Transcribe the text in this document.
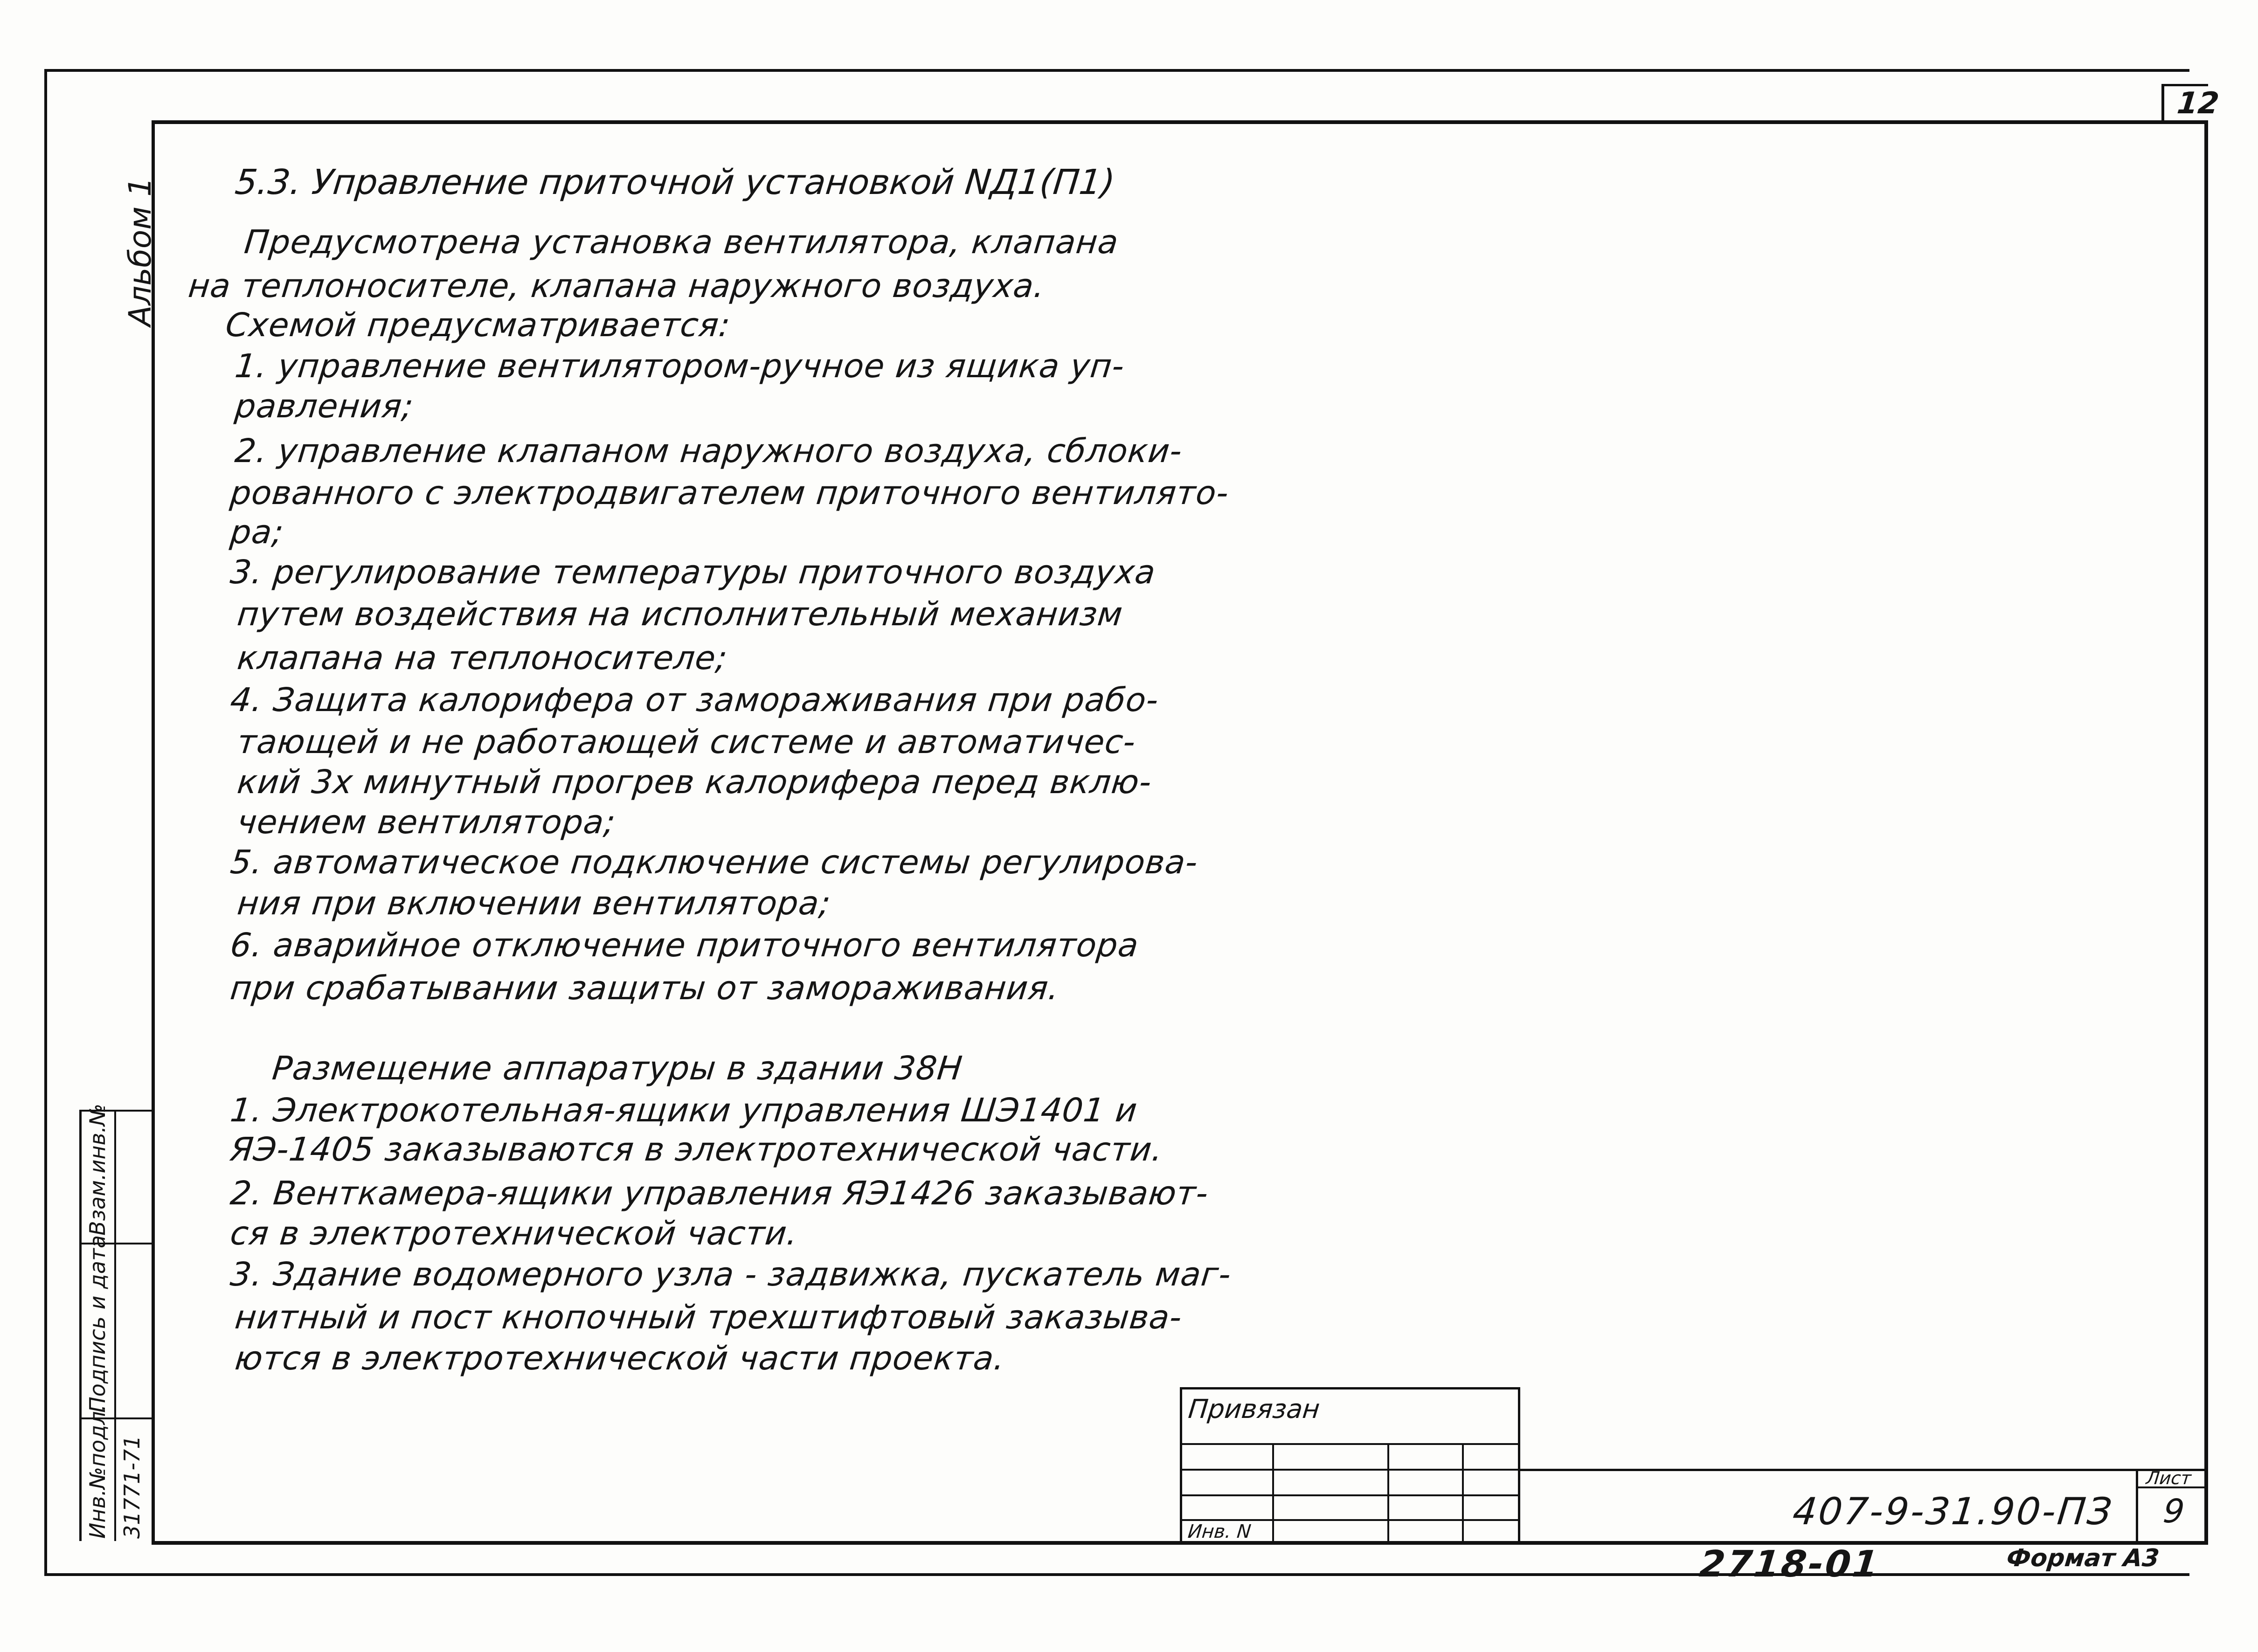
12
Альбом 1
Взам.инв.№
Подпись и дата
Инв.№подл. 31771-71
5.3. Управление приточной установкой NД1(П1)
Предусмотрена установка вентилятора, клапана
на теплоносителе, клапана наружного воздуха.
Схемой предусматривается:
1. управление вентилятором-ручное из ящика уп-
равления;
2. управление клапаном наружного воздуха, сблоки-
рованного с электродвигателем приточного вентилято-
ра;
3. регулирование температуры приточного воздуха
путем воздействия на исполнительный механизм
клапана на теплоносителе;
4. Защита калорифера от замораживания при рабо-
тающей и не работающей системе и автоматичес-
кий 3х минутный прогрев калорифера перед вклю-
чением вентилятора;
5. автоматическое подключение системы регулирова-
ния при включении вентилятора;
6. аварийное отключение приточного вентилятора
при срабатывании защиты от замораживания.
Размещение аппаратуры в здании 38Н
1. Электрокотельная-ящики управления ШЭ1401 и
ЯЭ-1405 заказываются в электротехнической части.
2. Венткамера-ящики управления ЯЭ1426 заказывают-
ся в электротехнической части.
3. Здание водомерного узла - задвижка, пускатель маг-
нитный и пост кнопочный трехштифтовый заказыва-
ются в электротехнической части проекта.
Привязан
Инв. N	407-9-31.90-ПЗ
Лист
9
2718-01	Формат А3
